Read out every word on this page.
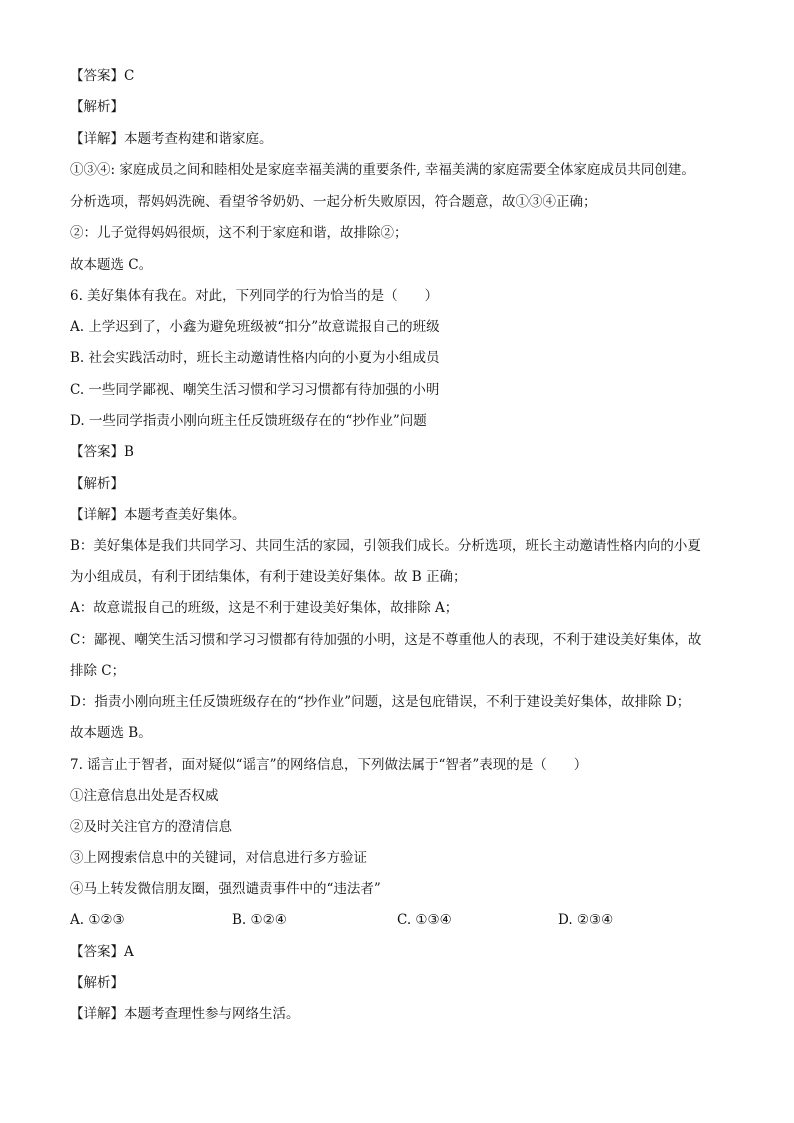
【答案】C
【解析】
【详解】本题考查构建和谐家庭。
①③④: 家庭成员之间和睦相处是家庭幸福美满的重要条件, 幸福美满的家庭需要全体家庭成员共同创建。
分析选项，帮妈妈洗碗、看望爷爷奶奶、一起分析失败原因，符合题意，故①③④正确；
②：儿子觉得妈妈很烦，这不利于家庭和谐，故排除②；
故本题选 C。
6. 美好集体有我在。对此，下列同学的行为恰当的是（　　）
A. 上学迟到了，小鑫为避免班级被“扣分”故意谎报自己的班级
B. 社会实践活动时，班长主动邀请性格内向的小夏为小组成员
C. 一些同学鄙视、嘲笑生活习惯和学习习惯都有待加强的小明
D. 一些同学指责小刚向班主任反馈班级存在的“抄作业”问题
【答案】B
【解析】
【详解】本题考查美好集体。
B：美好集体是我们共同学习、共同生活的家园，引领我们成长。分析选项，班长主动邀请性格内向的小夏
为小组成员，有利于团结集体，有利于建设美好集体。故 B 正确；
A：故意谎报自己的班级，这是不利于建设美好集体，故排除 A；
C：鄙视、嘲笑生活习惯和学习习惯都有待加强的小明，这是不尊重他人的表现，不利于建设美好集体，故
排除 C；
D：指责小刚向班主任反馈班级存在的“抄作业”问题，这是包庇错误，不利于建设美好集体，故排除 D；
故本题选 B。
7. 谣言止于智者，面对疑似“谣言”的网络信息，下列做法属于“智者”表现的是（　　）
①注意信息出处是否权威
②及时关注官方的澄清信息
③上网搜索信息中的关键词，对信息进行多方验证
④马上转发微信朋友圈，强烈谴责事件中的“违法者”
A. ①②③	B. ①②④	C. ①③④	D. ②③④
【答案】A
【解析】
【详解】本题考查理性参与网络生活。
